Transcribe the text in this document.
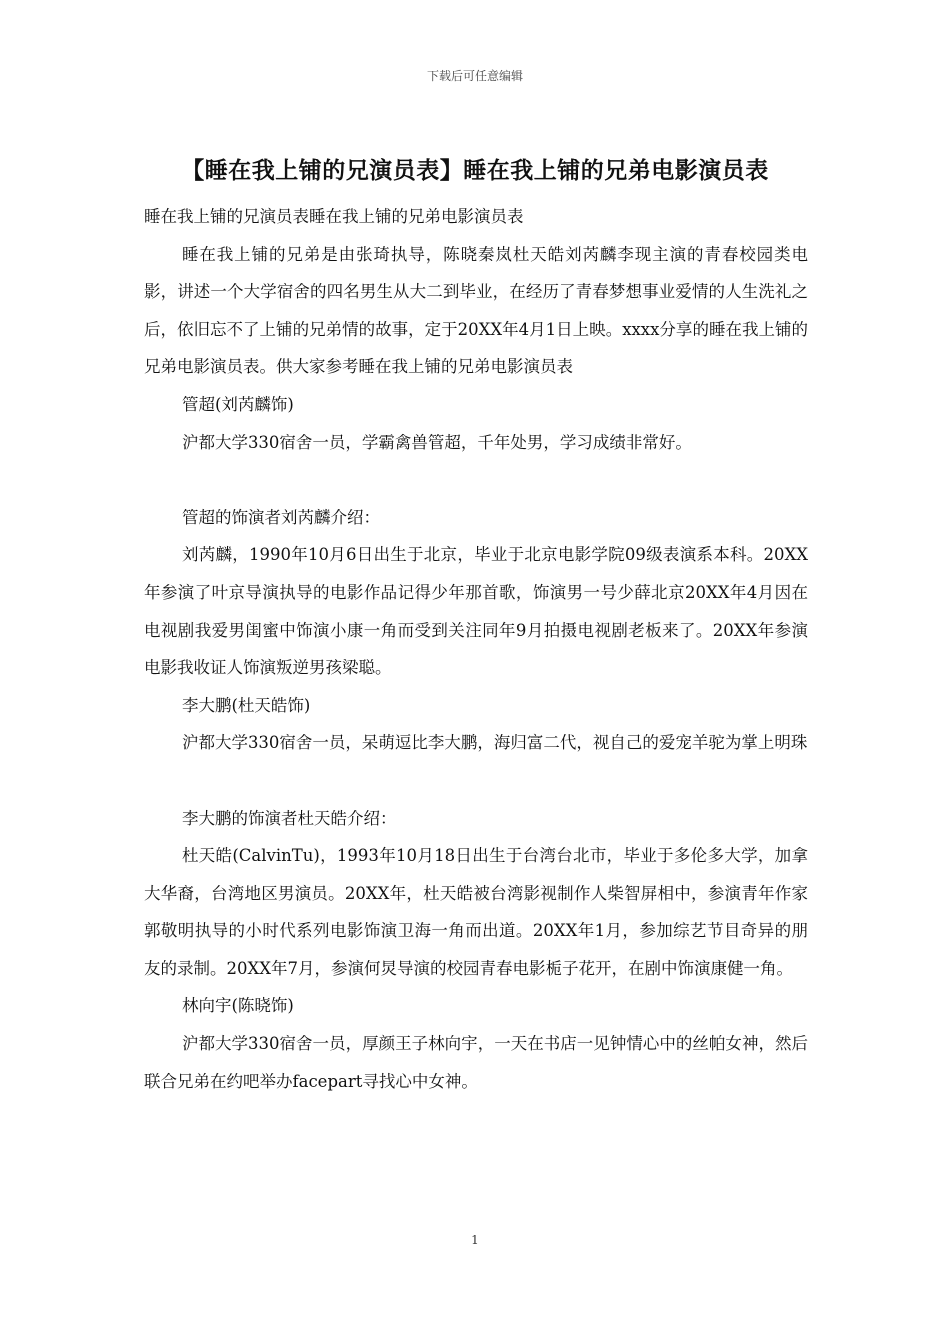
下载后可任意编辑
【睡在我上铺的兄演员表】睡在我上铺的兄弟电影演员表

睡在我上铺的兄演员表睡在我上铺的兄弟电影演员表

睡在我上铺的兄弟是由张琦执导，陈晓秦岚杜天皓刘芮麟李现主演的青春校园类电影，讲述一个大学宿舍的四名男生从大二到毕业，在经历了青春梦想事业爱情的人生洗礼之后，依旧忘不了上铺的兄弟情的故事，定于20XX年4月1日上映。xxxx分享的睡在我上铺的兄弟电影演员表。供大家参考睡在我上铺的兄弟电影演员表

管超(刘芮麟饰)

沪都大学330宿舍一员，学霸禽兽管超，千年处男，学习成绩非常好。

管超的饰演者刘芮麟介绍：

刘芮麟，1990年10月6日出生于北京，毕业于北京电影学院09级表演系本科。20XX年参演了叶京导演执导的电影作品记得少年那首歌，饰演男一号少薛北京20XX年4月因在电视剧我爱男闺蜜中饰演小康一角而受到关注同年9月拍摄电视剧老板来了。20XX年参演电影我收证人饰演叛逆男孩梁聪。

李大鹏(杜天皓饰)

沪都大学330宿舍一员，呆萌逗比李大鹏，海归富二代，视自己的爱宠羊驼为掌上明珠

李大鹏的饰演者杜天皓介绍：

杜天皓(CalvinTu)，1993年10月18日出生于台湾台北市，毕业于多伦多大学，加拿大华裔，台湾地区男演员。20XX年，杜天皓被台湾影视制作人柴智屏相中，参演青年作家郭敬明执导的小时代系列电影饰演卫海一角而出道。20XX年1月，参加综艺节目奇异的朋友的录制。20XX年7月，参演何炅导演的校园青春电影栀子花开，在剧中饰演康健一角。

林向宇(陈晓饰)

沪都大学330宿舍一员，厚颜王子林向宇，一天在书店一见钟情心中的丝帕女神，然后联合兄弟在约吧举办facepart寻找心中女神。

1
